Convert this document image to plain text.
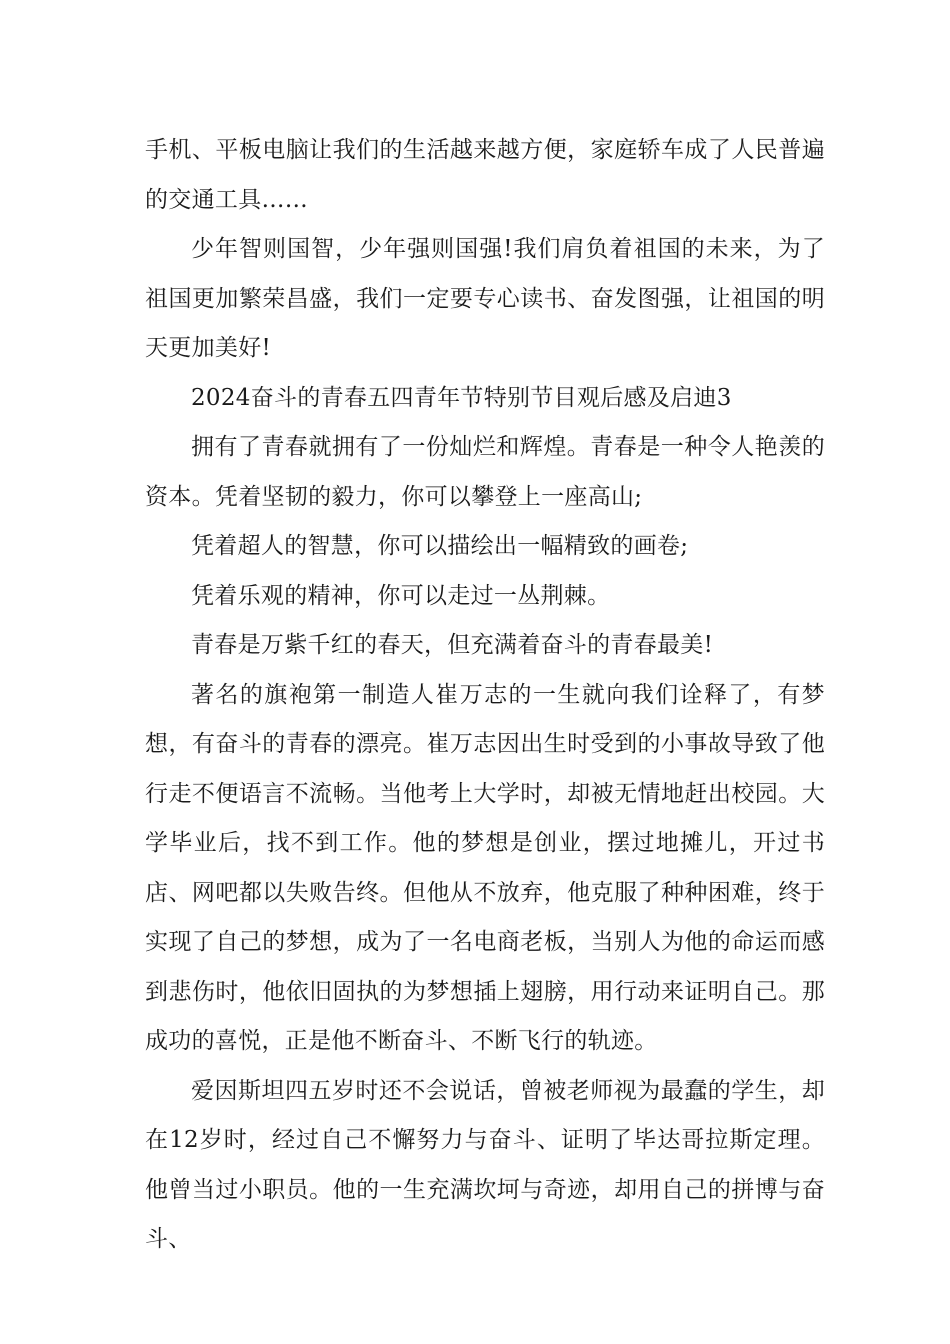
手机、平板电脑让我们的生活越来越方便，家庭轿车成了人民普遍的交通工具……

少年智则国智，少年强则国强!我们肩负着祖国的未来，为了祖国更加繁荣昌盛，我们一定要专心读书、奋发图强，让祖国的明天更加美好!

2024奋斗的青春五四青年节特别节目观后感及启迪3

拥有了青春就拥有了一份灿烂和辉煌。青春是一种令人艳羡的资本。凭着坚韧的毅力，你可以攀登上一座高山;

凭着超人的智慧，你可以描绘出一幅精致的画卷;

凭着乐观的精神，你可以走过一丛荆棘。

青春是万紫千红的春天，但充满着奋斗的青春最美!

著名的旗袍第一制造人崔万志的一生就向我们诠释了，有梦想，有奋斗的青春的漂亮。崔万志因出生时受到的小事故导致了他行走不便语言不流畅。当他考上大学时，却被无情地赶出校园。大学毕业后，找不到工作。他的梦想是创业，摆过地摊儿，开过书店、网吧都以失败告终。但他从不放弃，他克服了种种困难，终于实现了自己的梦想，成为了一名电商老板，当别人为他的命运而感到悲伤时，他依旧固执的为梦想插上翅膀，用行动来证明自己。那成功的喜悦，正是他不断奋斗、不断飞行的轨迹。

爱因斯坦四五岁时还不会说话，曾被老师视为最蠢的学生，却在12岁时，经过自己不懈努力与奋斗、证明了毕达哥拉斯定理。他曾当过小职员。他的一生充满坎坷与奇迹，却用自己的拼博与奋斗、
